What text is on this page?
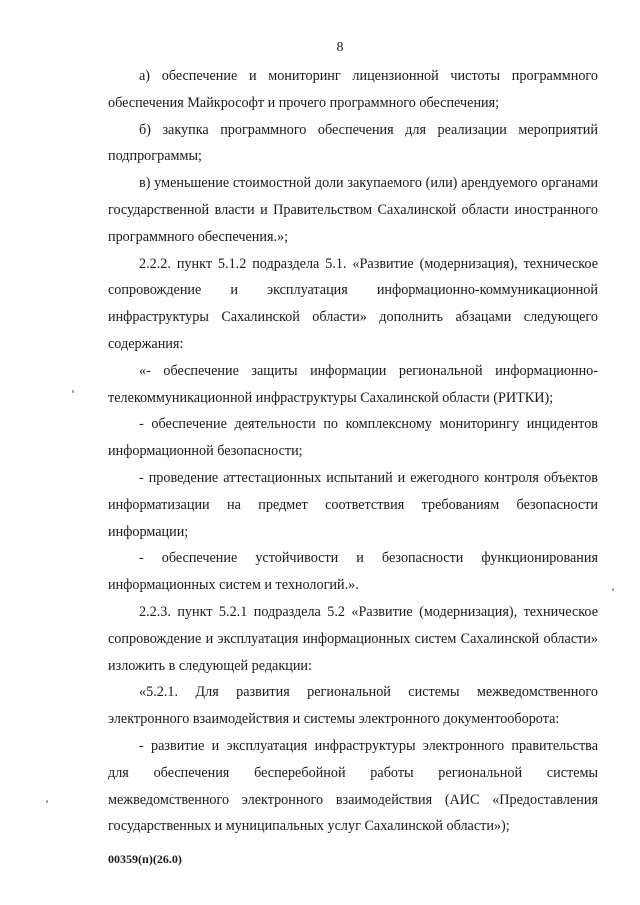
8

а) обеспечение и мониторинг лицензионной чистоты программного обеспечения Майкрософт и прочего программного обеспечения;

б) закупка программного обеспечения для реализации мероприятий подпрограммы;

в) уменьшение стоимостной доли закупаемого (или) арендуемого органами государственной власти и Правительством Сахалинской области иностранного программного обеспечения.»;

2.2.2. пункт 5.1.2 подраздела 5.1. «Развитие (модернизация), техническое сопровождение и эксплуатация информационно-коммуникационной инфраструктуры Сахалинской области» дополнить абзацами следующего содержания:

«- обеспечение защиты информации региональной информационно-телекоммуникационной инфраструктуры Сахалинской области (РИТКИ);

- обеспечение деятельности по комплексному мониторингу инцидентов информационной безопасности;

- проведение аттестационных испытаний и ежегодного контроля объектов информатизации на предмет соответствия требованиям безопасности информации;

- обеспечение устойчивости и безопасности функционирования информационных систем и технологий.».

2.2.3. пункт 5.2.1 подраздела 5.2 «Развитие (модернизация), техническое сопровождение и эксплуатация информационных систем Сахалинской области» изложить в следующей редакции:

«5.2.1. Для развития региональной системы межведомственного электронного взаимодействия и системы электронного документооборота:

- развитие и эксплуатация инфраструктуры электронного правительства для обеспечения бесперебойной работы региональной системы межведомственного электронного взаимодействия (АИС «Предоставления государственных и муниципальных услуг Сахалинской области»);

00359(п)(26.0)
